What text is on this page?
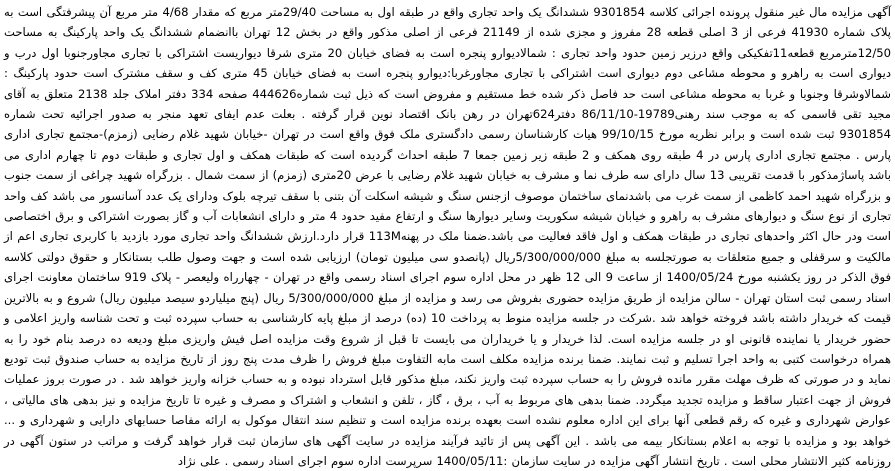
آگهی مزایده مال غیر منقول پرونده اجرائی کلاسه 9301854 ششدانگ یک واحد تجاری واقع در طبقه اول به مساحت 29/40متر مربع که مقدار 4/68 متر مربع آن پیشرفتگی است به پلاک شماره 41930 فرعی از 3 اصلی قطعه 28 مفروز و مجزی شده از 21149 فرعی از اصلی مذکور واقع در بخش 12 تهران باانضمام ششدانگ یک واحد پارکینگ به مساحت 12/50مترمربع قطعه11تفکیکی واقع درزیر زمین حدود واحد تجاری : شمالادیوارو پنجره است به فضای خیابان 20 متری شرقا دیواریست اشتراکی با تجاری مجاورجنوبا اول درب و دیواری است به راهرو و محوطه مشاعی دوم دیواری است اشتراکی با تجاری مجاورغربا:دیوارو پنجره است به فضای خیابان 45 متری کف و سقف مشترک است حدود پارکینگ : شمالاوشرقا وجنوبا و غربا به محوطه مشاعی است حد فاصل ذکر شده خط مستقیم و مفروض است که ذیل ثبت شماره444626 صفحه 334 دفتر املاک جلد 2138 متعلق به آقای مجید تقی قاسمی که به موجب سند رهنی19789-86/11/10 دفتر624تهران در رهن بانک اقتصاد نوین قرار گرفته . بعلت عدم ایفای تعهد منجر به صدور اجرائیه تحت شماره 9301854 ثبت شده است و برابر نظریه مورخ 99/10/15 هیات کارشناسان رسمی دادگستری ملک فوق واقع است در تهران -خیابان شهید غلام رضایی (زمزم)-مجتمع تجاری اداری پارس . مجتمع تجاری اداری پارس در 4 طبقه روی همکف و 2 طبقه زیر زمین جمعا 7 طبقه احداث گردیده است که طبقات همکف و اول تجاری و طبقات دوم تا چهارم اداری می باشد پاساژمذکور با قدمت تقریبی 13 سال دارای سه طرف نما و مشرف به خیابان شهید غلام رضایی با عرض 20متری (زمزم) از سمت شمال . بزرگراه شهید چراغی از سمت جنوب و بزرگراه شهید احمد کاظمی از سمت غرب می باشدنمای ساختمان موصوف ازجنس سنگ و شیشه اسکلت آن بتنی با سقف تیرچه بلوک ودارای یک عدد آسانسور می باشد کف واحد تجاری از نوع سنگ و دیوارهای مشرف به راهرو و خیابان شیشه سکوریت وسایر دیوارها سنگ و ارتفاع مفید حدود 4 متر و دارای انشعابات آب و گاز بصورت اشتراکی و برق اختصاصی است ودر حال اکثر واحدهای تجاری در طبقات همکف و اول فاقد فعالیت می باشد.ضمنا ملک در پهنه113M قرار دارد.ارزش ششدانگ واحد تجاری مورد بازدید با کاربری تجاری اعم از مالکیت و سرقفلی و جمیع متعلقات به صورتجلسه به مبلغ 5/300/000/000ریال (پانصدو سی میلیون تومان) ارزیابی شده است و جهت وصول طلب بستانکار و حقوق دولتی کلاسه فوق الذکر در روز یکشنبه مورخ 1400/05/24 از ساعت 9 الی 12 ظهر در محل اداره سوم اجرای اسناد رسمی واقع در تهران - چهارراه ولیعصر - پلاک 919 ساختمان معاونت اجرای اسناد رسمی ثبت استان تهران - سالن مزایده از طریق مزایده حضوری بفروش می رسد و مزایده از مبلغ 5/300/000/000 ریال (پنج میلیاردو سیصد میلیون ریال) شروع و به بالاترین قیمت که خریدار داشته باشد فروخته خواهد شد .شرکت در جلسه مزایده منوط به پرداخت 10 (ده) درصد از مبلغ پایه کارشناسی به حساب سپرده ثبت و تحت شناسه واریز اعلامی و حضور خریدار یا نماینده قانونی او در جلسه مزایده است. لذا خریدار و یا خریداران می بایست تا قبل از شروع وقت مزایده اصل فیش واریزی مبلغ ودیعه ده درصد بنام خود را به همراه درخواست کتبی به واحد اجرا تسلیم و ثبت نمایند. ضمنا برنده مزایده مکلف است مابه التفاوت مبلغ فروش را ظرف مدت پنج روز از تاریخ مزایده به حساب صندوق ثبت تودیع نماید و در صورتی که ظرف مهلت مقرر مانده فروش را به حساب سپرده ثبت واریز نکند، مبلغ مذکور قابل استرداد نبوده و به حساب خزانه واریز خواهد شد . در صورت بروز عملیات فروش از جهت اعتبار ساقط و مزایده تجدید میگردد. ضمنا بدهی های مربوط به آب ، برق ، گاز ، تلفن و انشعاب و اشتراک و مصرف و غیره تا تاریخ مزایده و نیز بدهی های مالیاتی ، عوارض شهرداری و غیره که رقم قطعی آنها برای این اداره معلوم نشده است بعهده برنده مزایده است و تنظیم سند انتقال موکول به ارائه مفاصا حسابهای دارایی و شهرداری و ... خواهد بود و مزایده با توجه به اعلام بستانکار بیمه می باشد . این آگهی پس از تائید فرآیند مزایده در سایت آگهی های سازمان ثبت قرار خواهد گرفت و مراتب در ستون آگهی در روزنامه کثیر الانتشار محلی است . تاریخ انتشار آگهی مزایده در سایت سازمان :1400/05/11 سرپرست اداره سوم اجرای اسناد رسمی . علی نژاد
